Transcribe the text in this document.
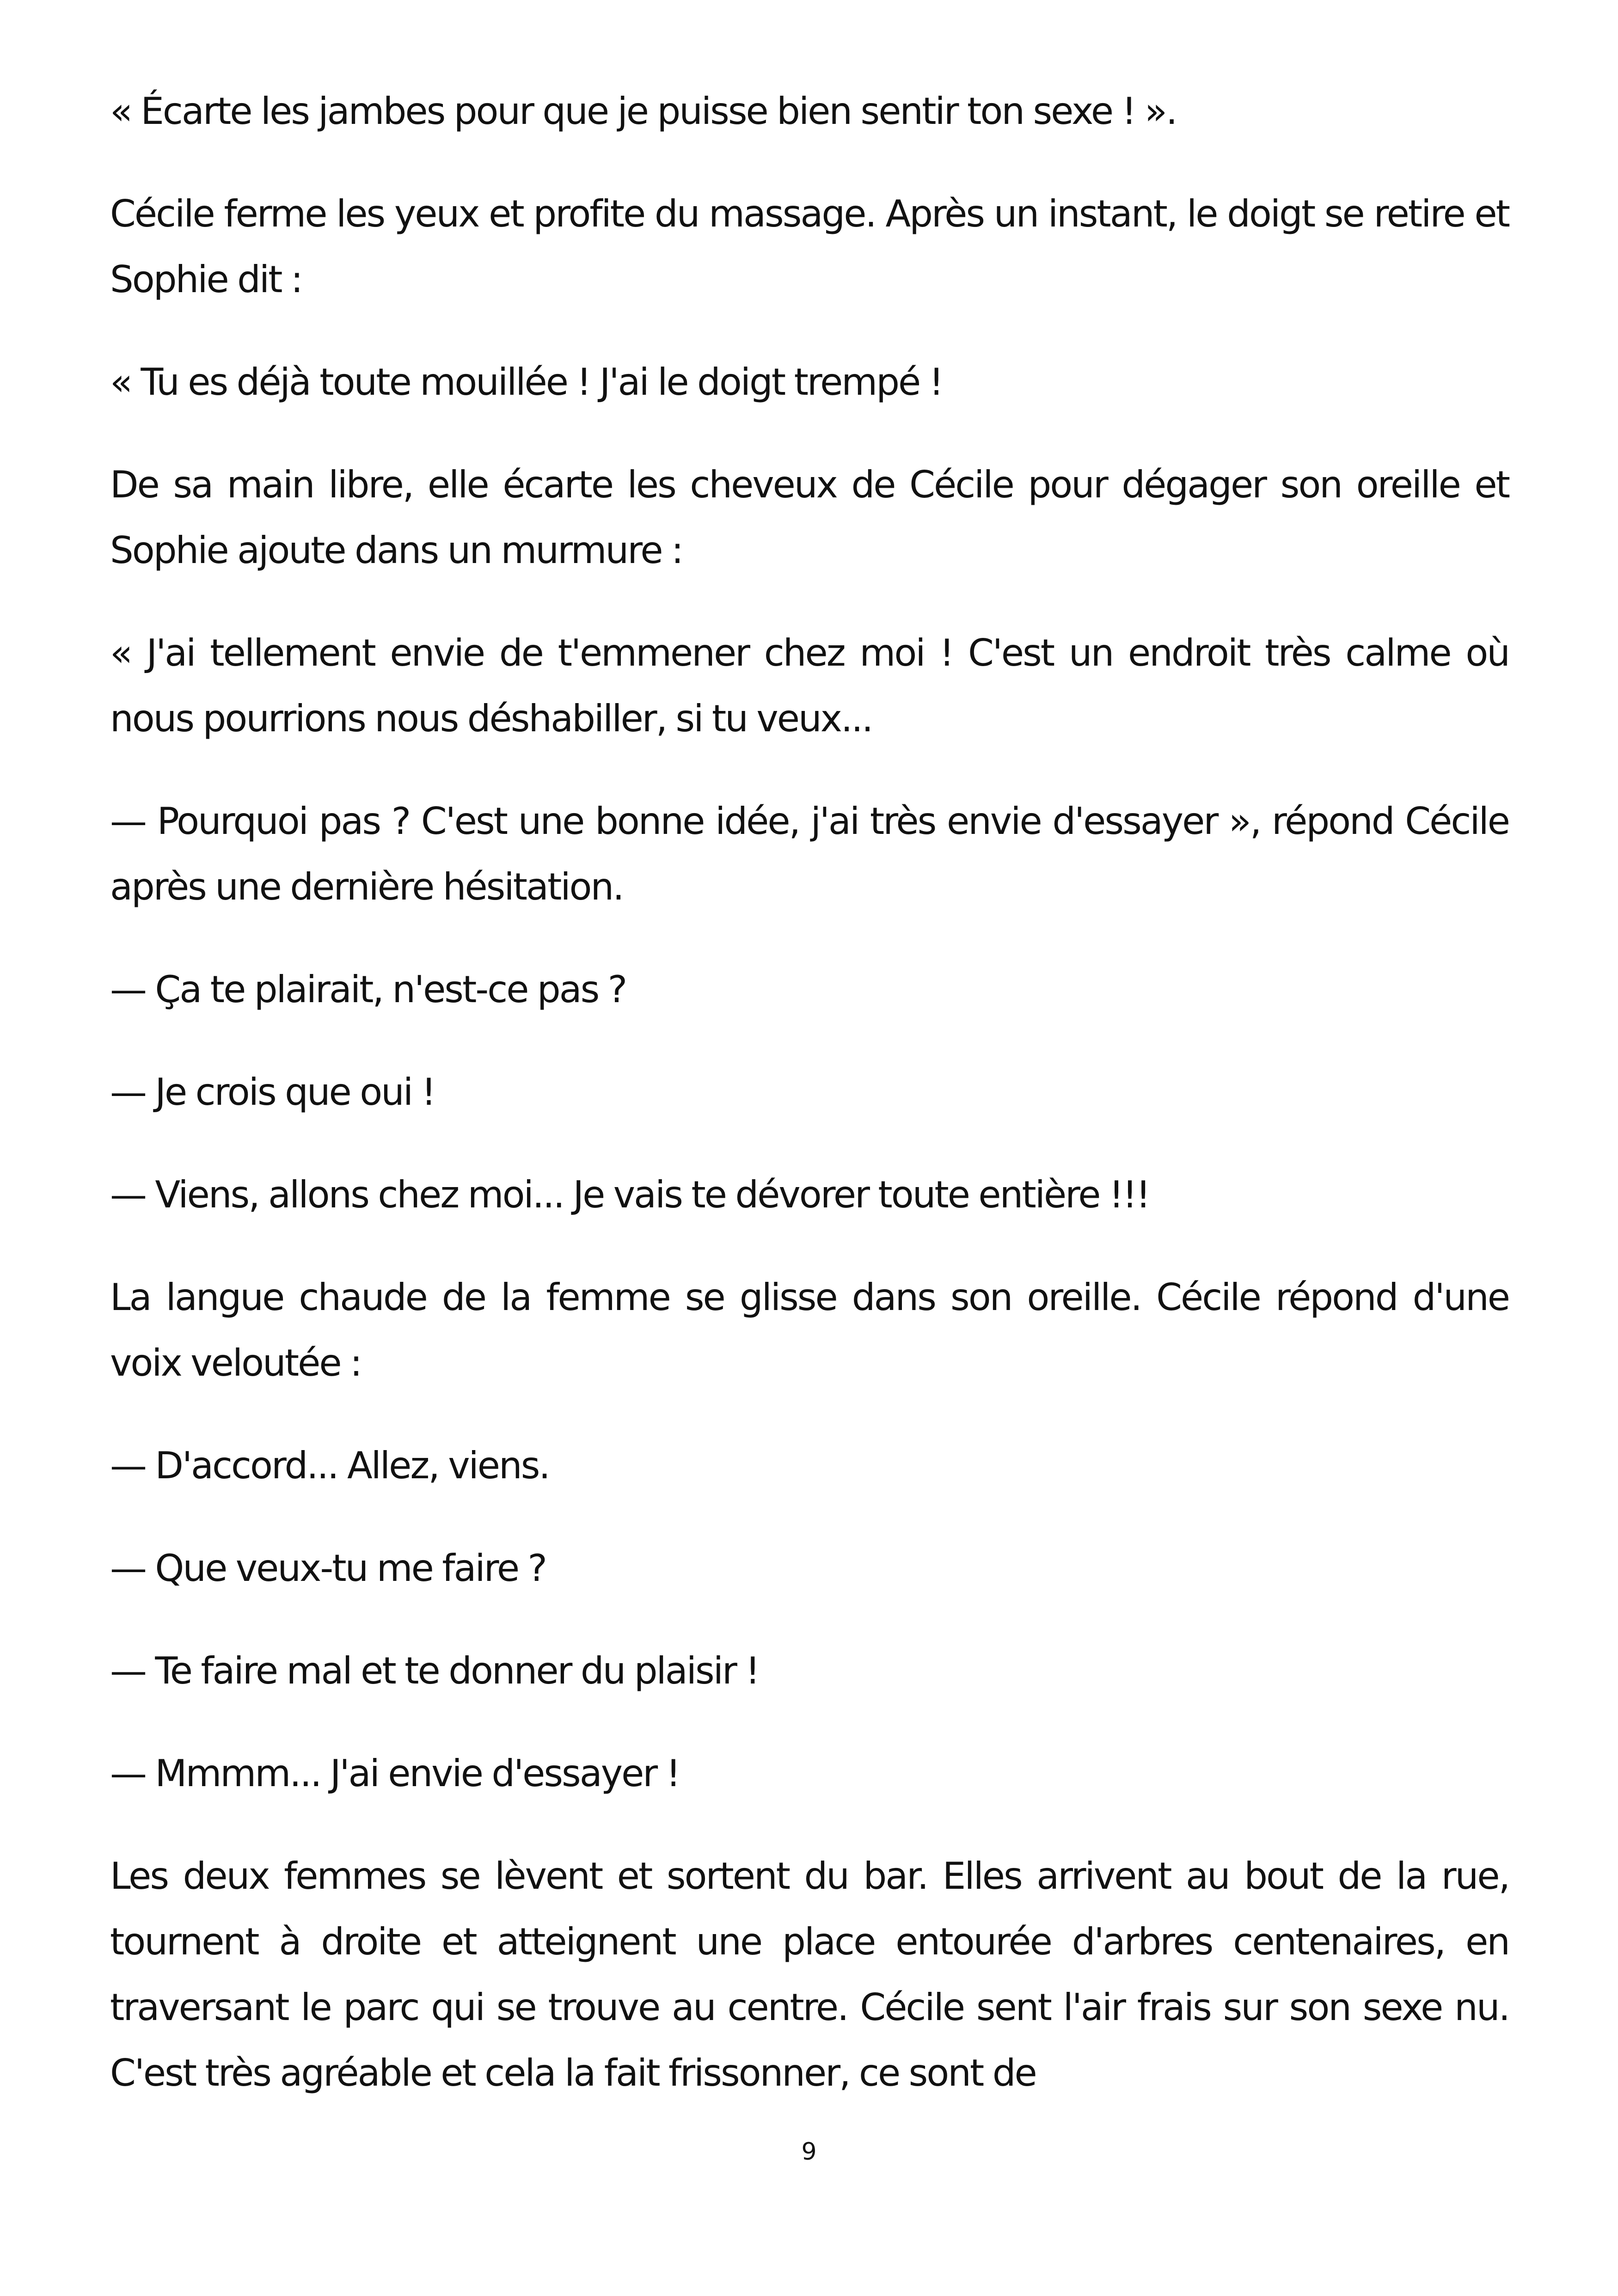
« Écarte les jambes pour que je puisse bien sentir ton sexe ! ».

Cécile ferme les yeux et profite du massage. Après un instant, le doigt se retire et Sophie dit :

« Tu es déjà toute mouillée ! J'ai le doigt trempé !

De sa main libre, elle écarte les cheveux de Cécile pour dégager son oreille et Sophie ajoute dans un murmure :

« J'ai tellement envie de t'emmener chez moi ! C'est un endroit très calme où nous pourrions nous déshabiller, si tu veux...

— Pourquoi pas ? C'est une bonne idée, j'ai très envie d'essayer », répond Cécile après une dernière hésitation.

— Ça te plairait, n'est-ce pas ?

— Je crois que oui !

— Viens, allons chez moi... Je vais te dévorer toute entière !!!

La langue chaude de la femme se glisse dans son oreille. Cécile répond d'une voix veloutée :

— D'accord... Allez, viens.

— Que veux-tu me faire ?

— Te faire mal et te donner du plaisir !

— Mmmm... J'ai envie d'essayer !

Les deux femmes se lèvent et sortent du bar. Elles arrivent au bout de la rue, tournent à droite et atteignent une place entourée d'arbres centenaires, en traversant le parc qui se trouve au centre. Cécile sent l'air frais sur son sexe nu. C'est très agréable et cela la fait frissonner, ce sont de

9
